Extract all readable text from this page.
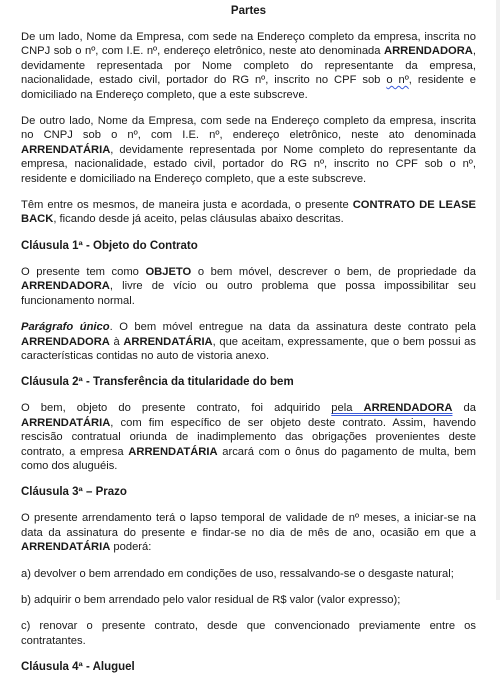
Partes

De um lado, Nome da Empresa, com sede na Endereço completo da empresa, inscrita no CNPJ sob o nº, com I.E. nº, endereço eletrônico, neste ato denominada ARRENDADORA, devidamente representada por Nome completo do representante da empresa, nacionalidade, estado civil, portador do RG nº, inscrito no CPF sob o nº, residente e domiciliado na Endereço completo, que a este subscreve.

De outro lado, Nome da Empresa, com sede na Endereço completo da empresa, inscrita no CNPJ sob o nº, com I.E. nº, endereço eletrônico, neste ato denominada ARRENDATÁRIA, devidamente representada por Nome completo do representante da empresa, nacionalidade, estado civil, portador do RG nº, inscrito no CPF sob o nº, residente e domiciliado na Endereço completo, que a este subscreve.

Têm entre os mesmos, de maneira justa e acordada, o presente CONTRATO DE LEASE BACK, ficando desde já aceito, pelas cláusulas abaixo descritas.

Cláusula 1ª - Objeto do Contrato

O presente tem como OBJETO o bem móvel, descrever o bem, de propriedade da ARRENDADORA, livre de vício ou outro problema que possa impossibilitar seu funcionamento normal.

Parágrafo único. O bem móvel entregue na data da assinatura deste contrato pela ARRENDADORA à ARRENDATÁRIA, que aceitam, expressamente, que o bem possui as características contidas no auto de vistoria anexo.

Cláusula 2ª - Transferência da titularidade do bem

O bem, objeto do presente contrato, foi adquirido pela ARRENDADORA da ARRENDATÁRIA, com fim específico de ser objeto deste contrato. Assim, havendo rescisão contratual oriunda de inadimplemento das obrigações provenientes deste contrato, a empresa ARRENDATÁRIA arcará com o ônus do pagamento de multa, bem como dos aluguéis.

Cláusula 3ª – Prazo

O presente arrendamento terá o lapso temporal de validade de nº meses, a iniciar-se na data da assinatura do presente e findar-se no dia de mês de ano, ocasião em que a ARRENDATÁRIA poderá:

a) devolver o bem arrendado em condições de uso, ressalvando-se o desgaste natural;

b) adquirir o bem arrendado pelo valor residual de R$ valor (valor expresso);

c) renovar o presente contrato, desde que convencionado previamente entre os contratantes.

Cláusula 4ª - Aluguel
